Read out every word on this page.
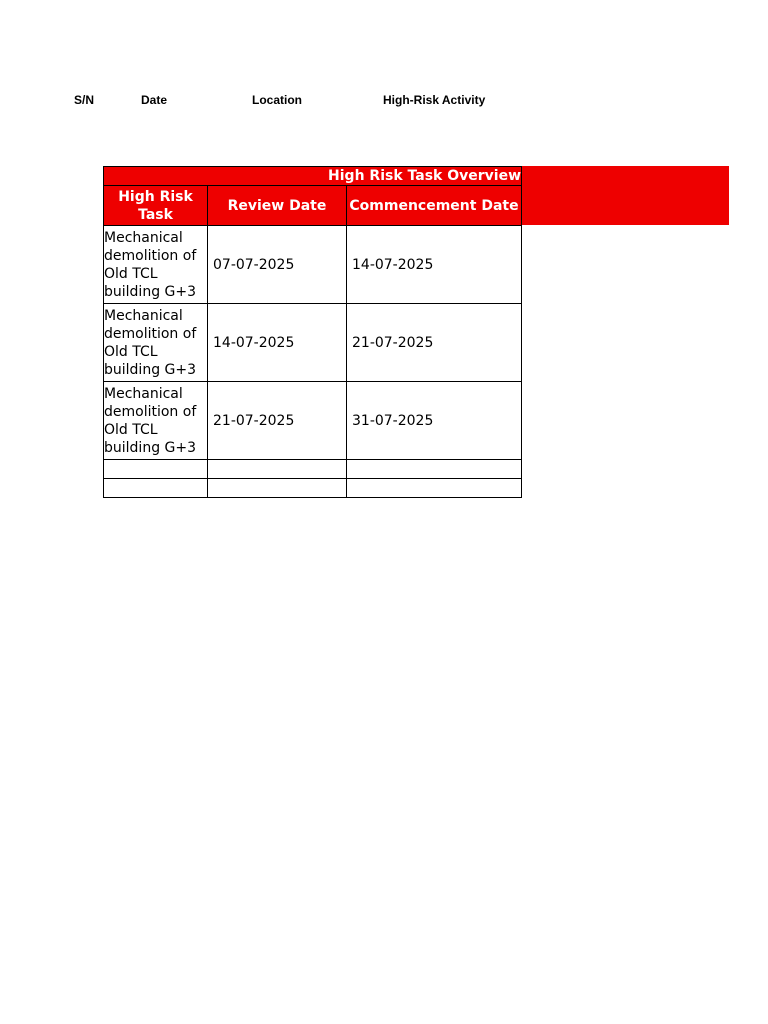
S/N	Date	Location	High-Risk Activity
High Risk Task Overview		
High Risk Task	Review Date	Commencement Date
Mechanical demolition of Old TCL building G+3	07-07-2025	14-07-2025
Mechanical demolition of Old TCL building G+3	14-07-2025	21-07-2025
Mechanical demolition of Old TCL building G+3	21-07-2025	31-07-2025
